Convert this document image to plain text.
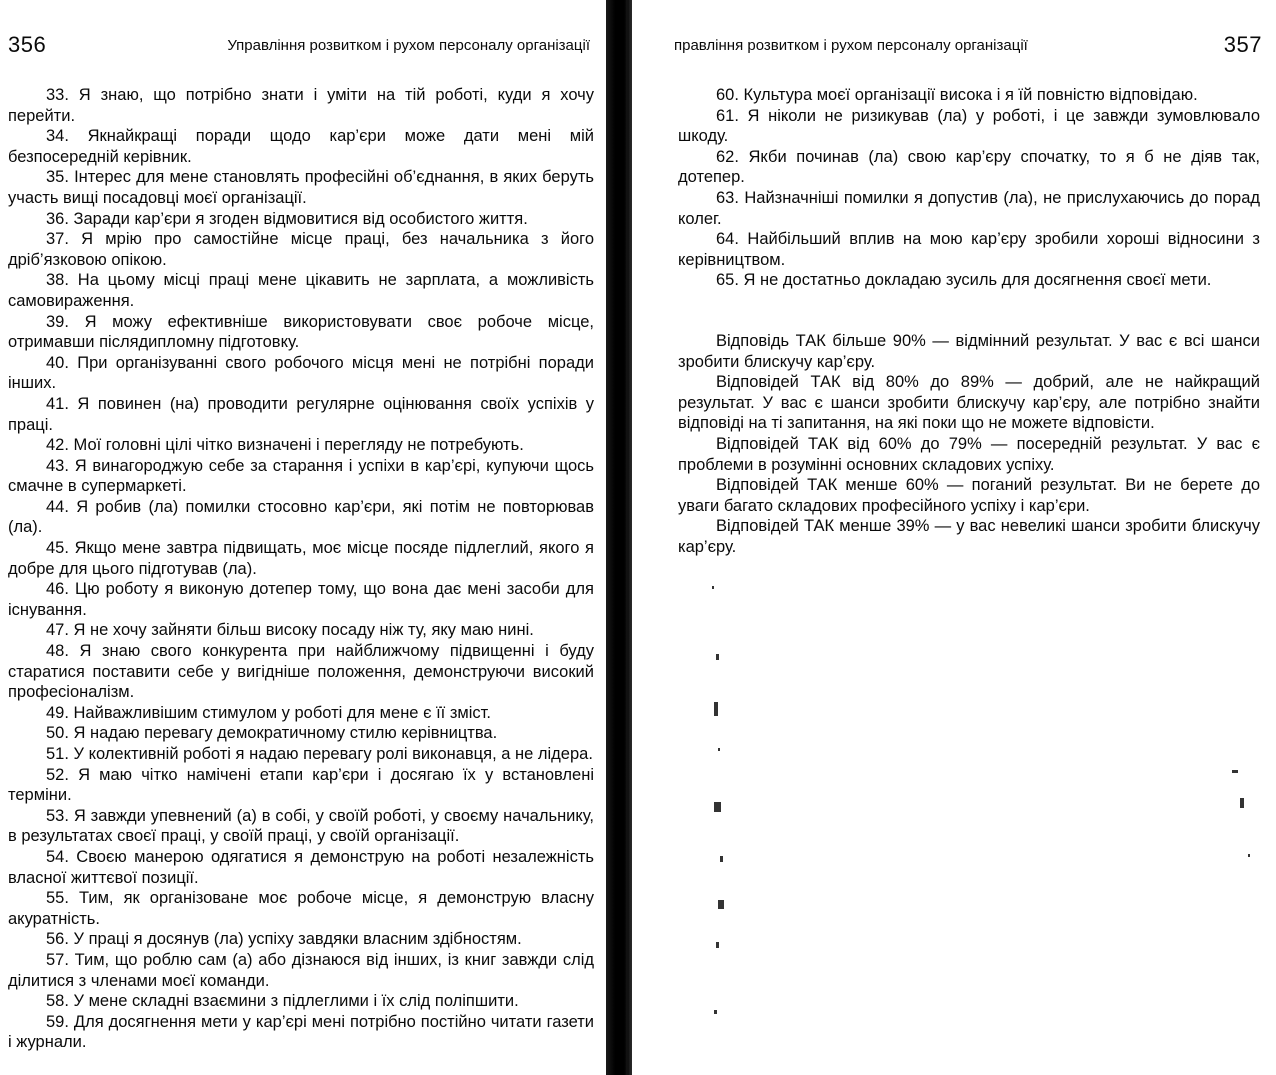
356	Управління розвитком і рухом персоналу організації

33. Я знаю, що потрібно знати і уміти на тій роботі, куди я хочу перейти.

34. Якнайкращі поради щодо кар’єри може дати мені мій безпосередній керівник.

35. Інтерес для мене становлять професійні об’єднання, в яких беруть участь вищі посадовці моєї організації.

36. Заради кар’єри я згоден відмовитися від особистого життя.

37. Я мрію про самостійне місце праці, без начальника з його дріб’язковою опікою.

38. На цьому місці праці мене цікавить не зарплата, а можливість самовираження.

39. Я можу ефективніше використовувати своє робоче місце, отримавши післядипломну підготовку.

40. При організуванні свого робочого місця мені не потрібні поради інших.

41. Я повинен (на) проводити регулярне оцінювання своїх успіхів у праці.

42. Мої головні цілі чітко визначені і перегляду не потребують.

43. Я винагороджую себе за старання і успіхи в кар’єрі, купуючи щось смачне в супермаркеті.

44. Я робив (ла) помилки стосовно кар’єри, які потім не повторював (ла).

45. Якщо мене завтра підвищать, моє місце посяде підлеглий, якого я добре для цього підготував (ла).

46. Цю роботу я виконую дотепер тому, що вона дає мені засоби для існування.

47. Я не хочу зайняти більш високу посаду ніж ту, яку маю нині.

48. Я знаю свого конкурента при найближчому підвищенні і буду старатися поставити себе у вигідніше положення, демонструючи високий професіоналізм.

49. Найважливішим стимулом у роботі для мене є її зміст.

50. Я надаю перевагу демократичному стилю керівництва.

51. У колективній роботі я надаю перевагу ролі виконавця, а не лідера.

52. Я маю чітко намічені етапи кар’єри і досягаю їх у встановлені терміни.

53. Я завжди упевнений (а) в собі, у своїй роботі, у своєму начальнику, в результатах своєї праці, у своїй праці, у своїй організації.

54. Своєю манерою одягатися я демонструю на роботі незалежність власної життєвої позиції.

55. Тим, як організоване моє робоче місце, я демонструю власну акуратність.

56. У праці я досянув (ла) успіху завдяки власним здібностям.

57. Тим, що роблю сам (а) або дізнаюся від інших, із книг завжди слід ділитися з членами моєї команди.

58. У мене складні взаємини з підлеглими і їх слід поліпшити.

59. Для досягнення мети у кар’єрі мені потрібно постійно читати газети і журнали.

правління розвитком і рухом персоналу організації	357

60. Культура моєї організації висока і я їй повністю відповідаю.

61. Я ніколи не ризикував (ла) у роботі, і це завжди зумовлювало шкоду.

62. Якби починав (ла) свою кар’єру спочатку, то я б не діяв так, дотепер.

63. Найзначніші помилки я допустив (ла), не прислухаючись до порад колег.

64. Найбільший вплив на мою кар’єру зробили хороші відносини з керівництвом.

65. Я не достатньо докладаю зусиль для досягнення своєї мети.

Відповідь ТАК більше 90% — відмінний результат. У вас є всі шанси зробити блискучу кар’єру.

Відповідей ТАК від 80% до 89% — добрий, але не найкращий результат. У вас є шанси зробити блискучу кар’єру, але потрібно знайти відповіді на ті запитання, на які поки що не можете відповісти.

Відповідей ТАК від 60% до 79% — посередній результат. У вас є проблеми в розумінні основних складових успіху.

Відповідей ТАК менше 60% — поганий результат. Ви не берете до уваги багато складових професійного успіху і кар’єри.

Відповідей ТАК менше 39% — у вас невеликі шанси зробити блискучу кар’єру.
